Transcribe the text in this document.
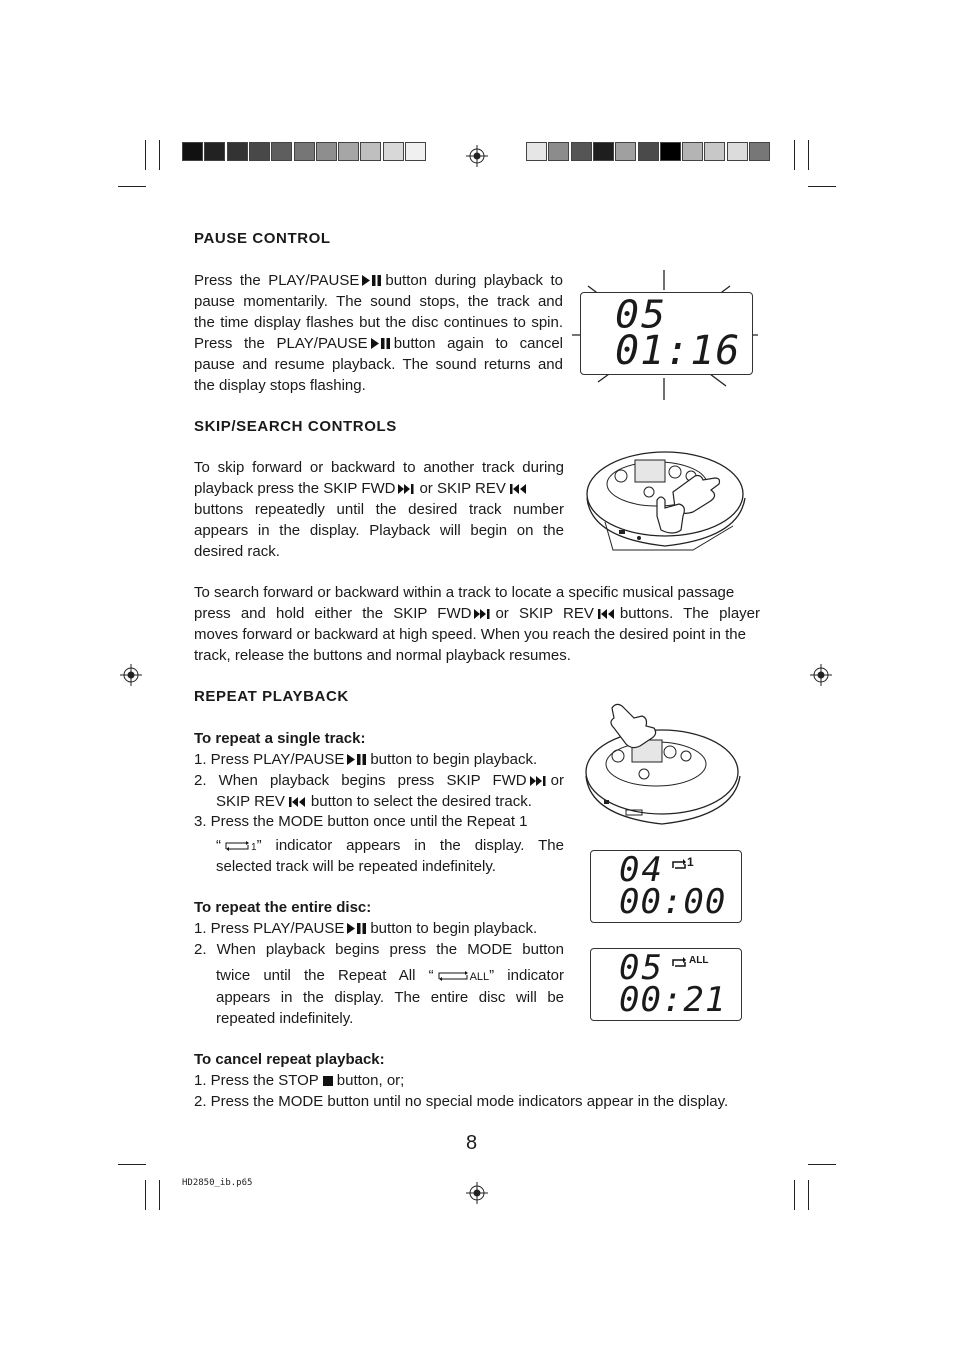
PAUSE CONTROL
Press the PLAY/PAUSE button during playback to
pause momentarily. The sound stops, the track and
the time display flashes but the disc continues to spin.
Press the PLAY/PAUSE button again to cancel
pause and resume playback. The sound returns and
the display stops flashing.
05
01:16
SKIP/SEARCH CONTROLS
To skip forward or backward to another track during
playback press the SKIP FWD or SKIP REV
buttons repeatedly until the desired track number
appears in the display. Playback will begin on the
desired rack.
To search forward or backward within a track to locate a specific musical passage
press and hold either the SKIP FWD or SKIP REV buttons. The player
moves forward or backward at high speed. When you reach the desired point in the
track, release the buttons and normal playback resumes.
REPEAT PLAYBACK
To repeat a single track:
1. Press PLAY/PAUSE button to begin playback.
2. When playback begins press SKIP FWD or
SKIP REV button to select the desired track.
3. Press the MODE button once until the Repeat 1
“	1” indicator appears in the display. The
selected track will be repeated indefinitely.	04 1
00:00
To repeat the entire disc:
1. Press PLAY/PAUSE button to begin playback.
2. When playback begins press the MODE button
twice until the Repeat All “	ALL” indicator
appears in the display. The entire disc will be
repeated indefinitely.
05	ALL
00:21
To cancel repeat playback:
1. Press the STOP button, or;
2. Press the MODE button until no special mode indicators appear in the display.
8
HD2850_ib.p65
